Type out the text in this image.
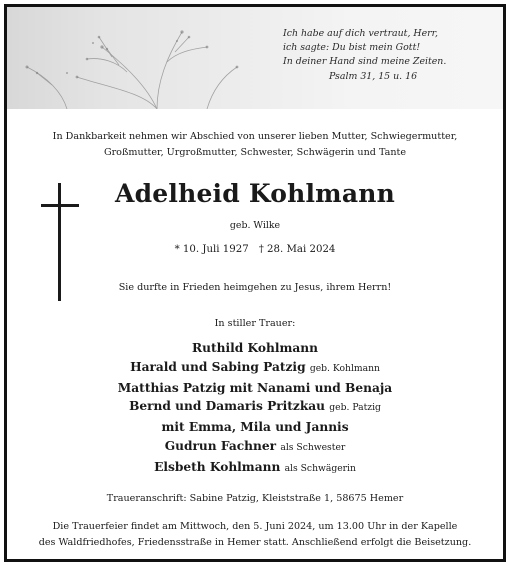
Ich habe auf dich vertraut, Herr,
ich sagte: Du bist mein Gott!
In deiner Hand sind meine Zeiten.
Psalm 31, 15 u. 16
In Dankbarkeit nehmen wir Abschied von unserer lieben Mutter, Schwiegermutter,
Großmutter, Urgroßmutter, Schwester, Schwägerin und Tante
Adelheid Kohlmann
geb. Wilke
* 10. Juli 1927 † 28. Mai 2024
Sie durfte in Frieden heimgehen zu Jesus, ihrem Herrn!
In stiller Trauer:
Ruthild Kohlmann
Harald und Sabing Patzig geb. Kohlmann
Matthias Patzig mit Nanami und Benaja
Bernd und Damaris Pritzkau geb. Patzig
mit Emma, Mila und Jannis
Gudrun Fachner als Schwester
Elsbeth Kohlmann als Schwägerin
Traueranschrift: Sabine Patzig, Kleiststraße 1, 58675 Hemer
Die Trauerfeier findet am Mittwoch, den 5. Juni 2024, um 13.00 Uhr in der Kapelle
des Waldfriedhofes, Friedensstraße in Hemer statt. Anschließend erfolgt die Beisetzung.
